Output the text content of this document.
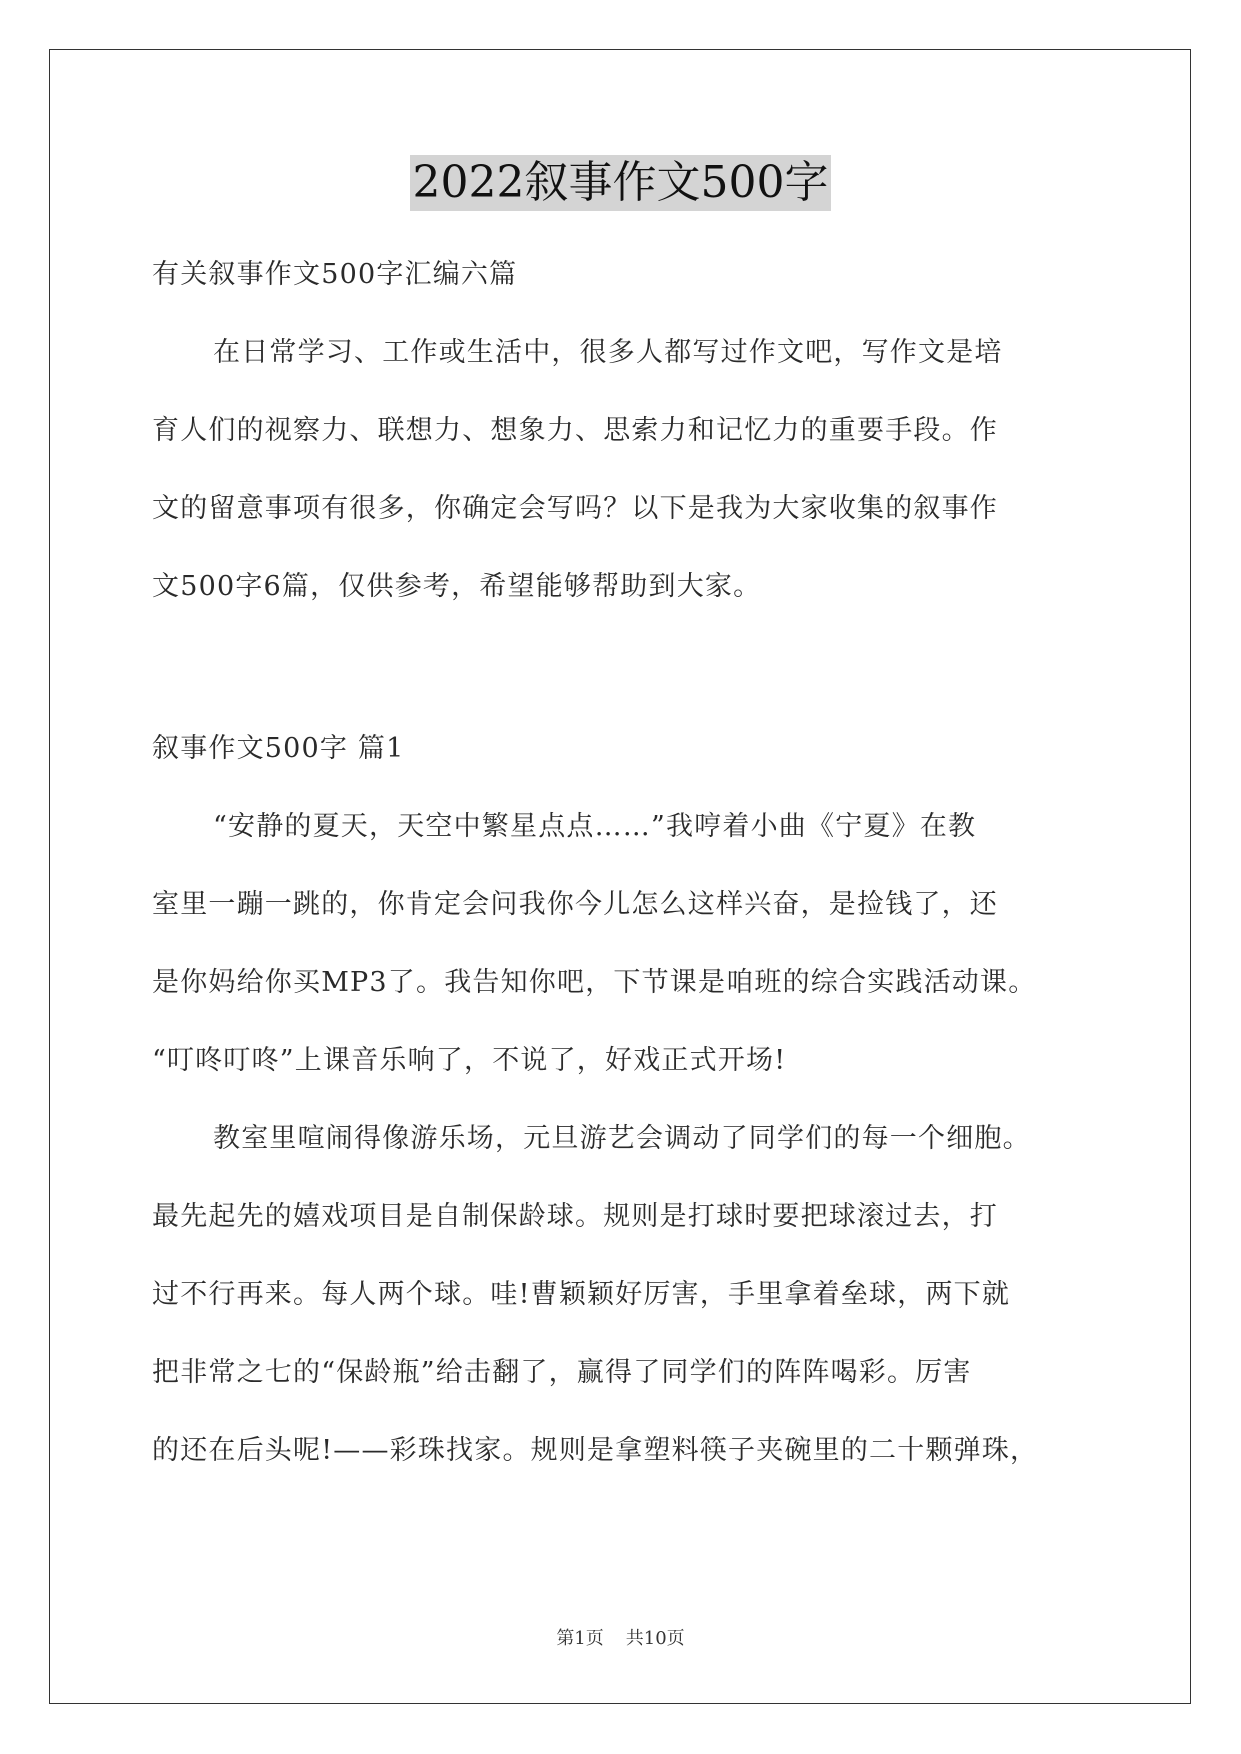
2022叙事作文500字
有关叙事作文500字汇编六篇
在日常学习、工作或生活中，很多人都写过作文吧，写作文是培
育人们的视察力、联想力、想象力、思索力和记忆力的重要手段。作
文的留意事项有很多，你确定会写吗？以下是我为大家收集的叙事作
文500字6篇，仅供参考，希望能够帮助到大家。
叙事作文500字 篇1
“安静的夏天，天空中繁星点点……”我哼着小曲《宁夏》在教
室里一蹦一跳的，你肯定会问我你今儿怎么这样兴奋，是捡钱了，还
是你妈给你买MP3了。我告知你吧，下节课是咱班的综合实践活动课。
“叮咚叮咚”上课音乐响了，不说了，好戏正式开场!
教室里喧闹得像游乐场，元旦游艺会调动了同学们的每一个细胞。
最先起先的嬉戏项目是自制保龄球。规则是打球时要把球滚过去，打
过不行再来。每人两个球。哇!曹颖颖好厉害，手里拿着垒球，两下就
把非常之七的“保龄瓶”给击翻了，赢得了同学们的阵阵喝彩。厉害
的还在后头呢!——彩珠找家。规则是拿塑料筷子夹碗里的二十颗弹珠，
第1页 共10页
